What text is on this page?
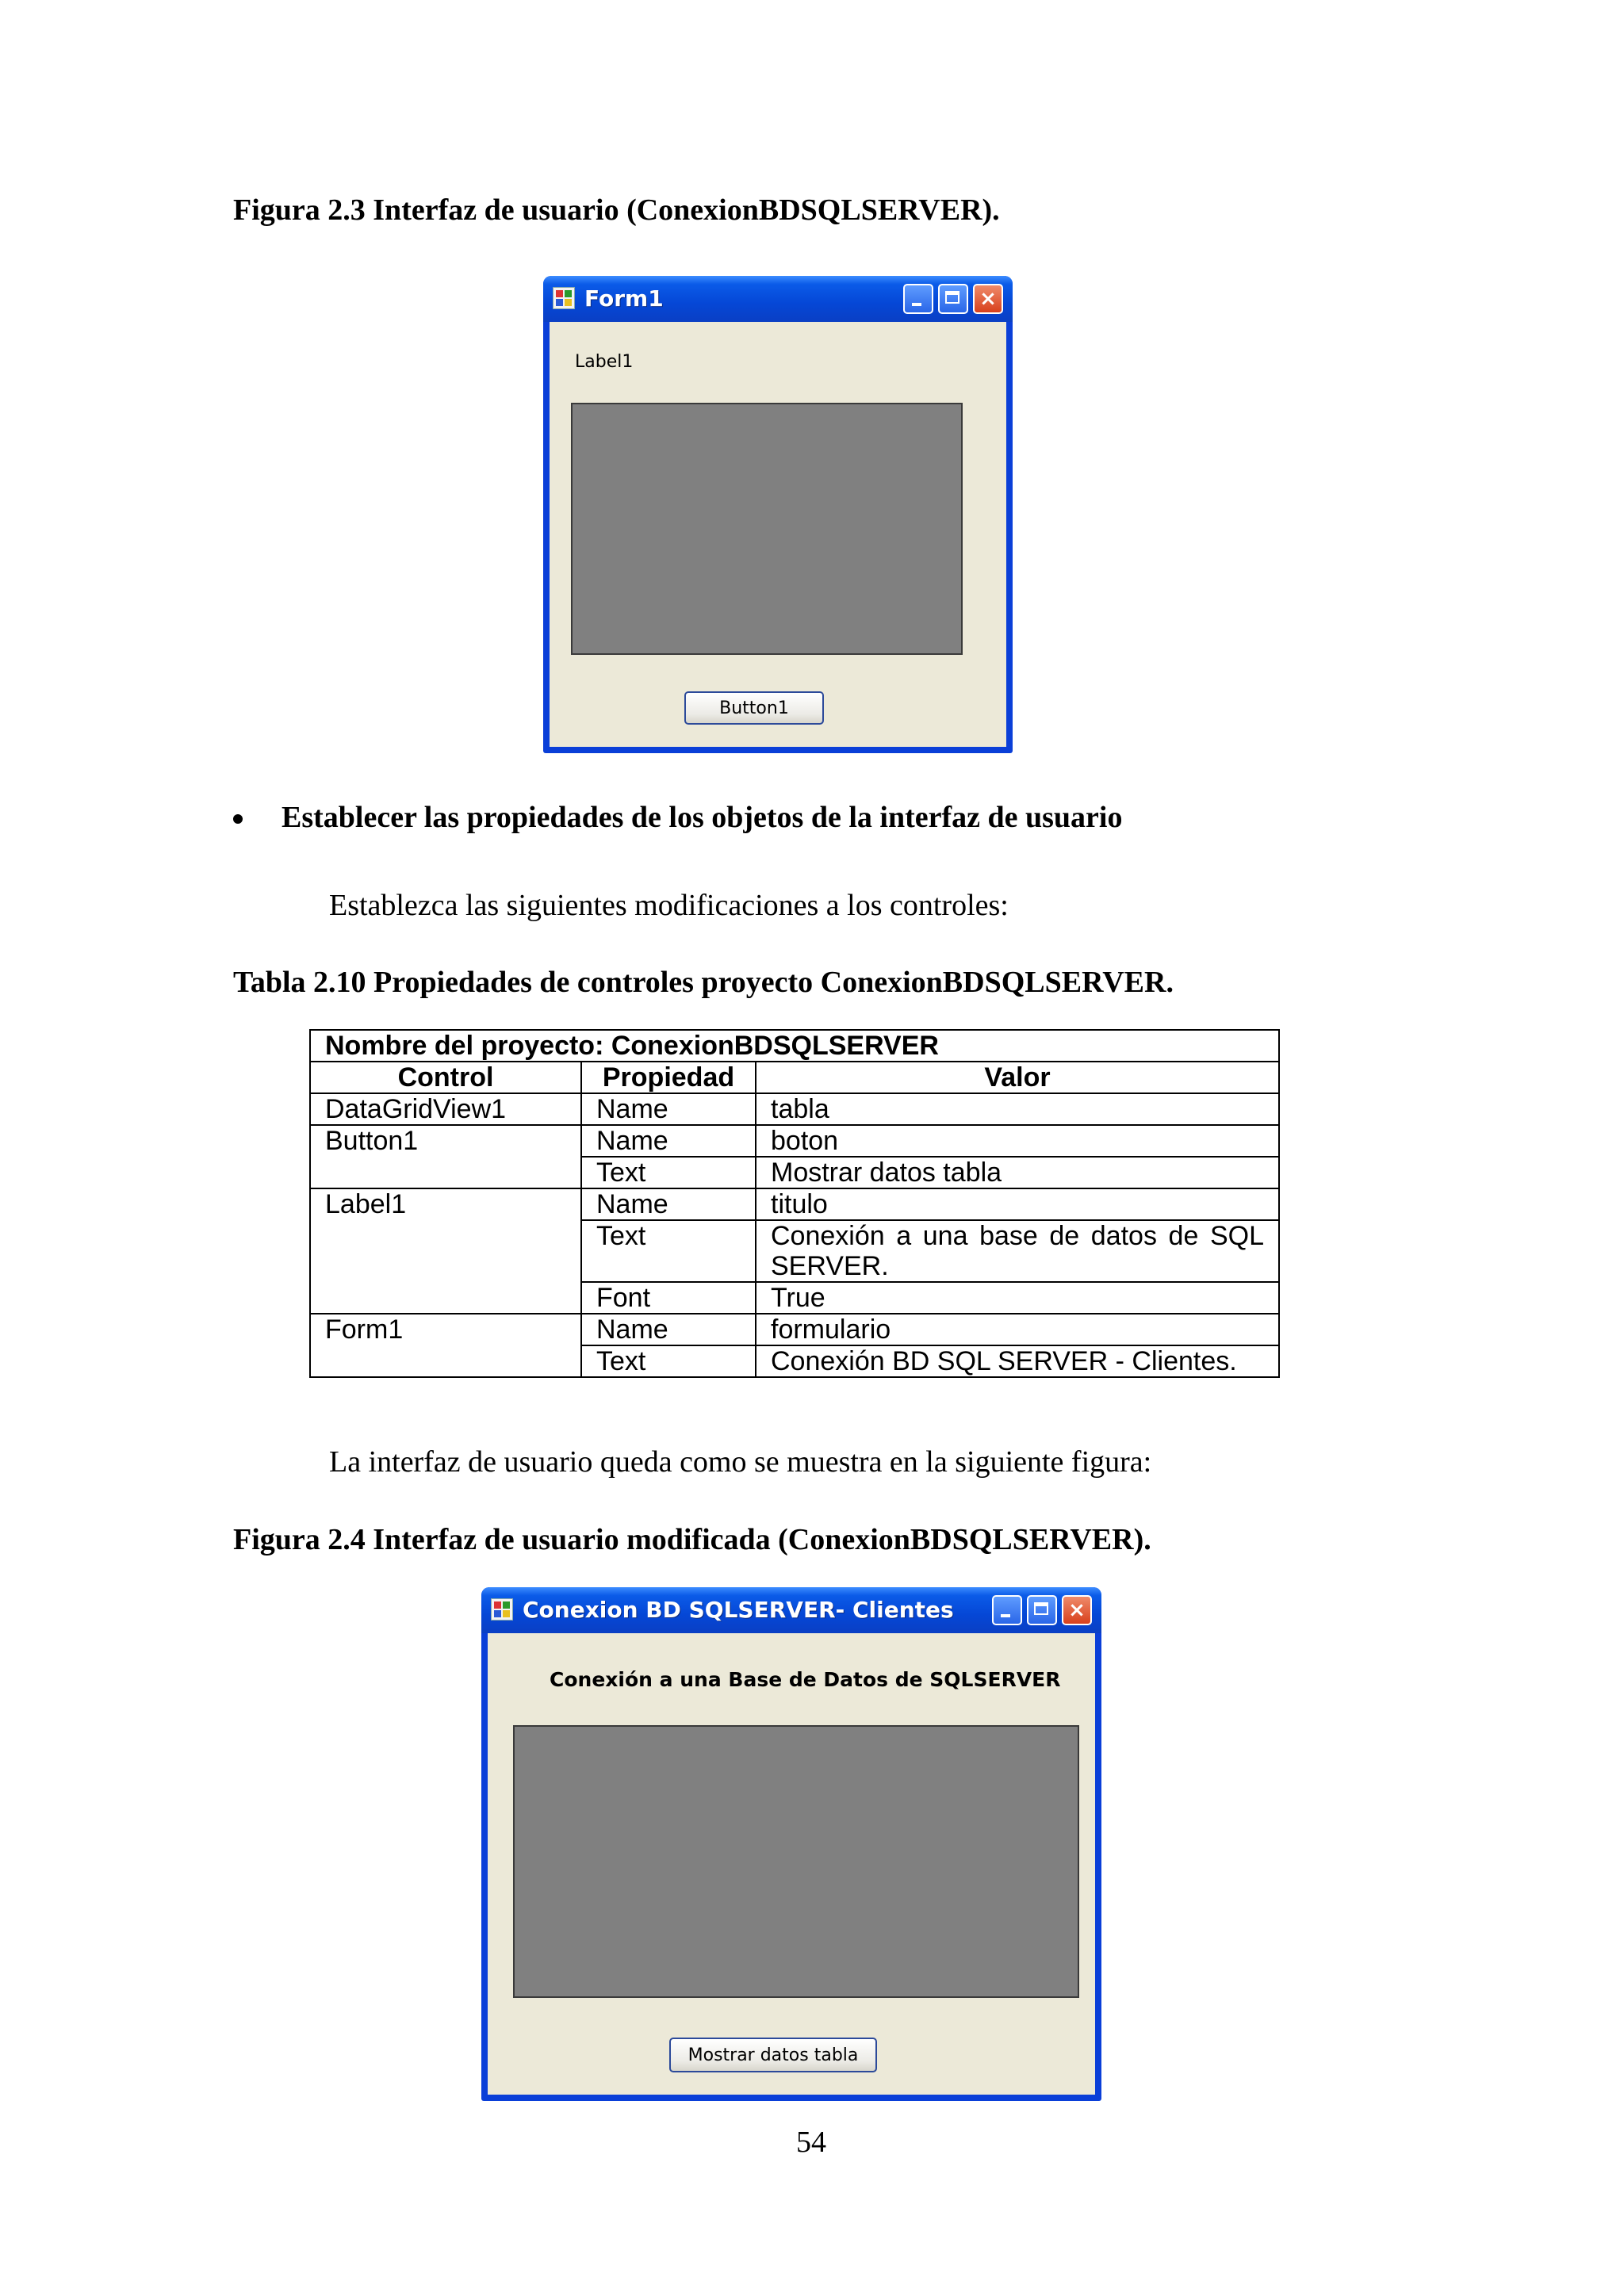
Figura 2.3 Interfaz de usuario (ConexionBDSQLSERVER).
Form1	×
Label1
Button1
Establecer las propiedades de los objetos de la interfaz de usuario
Establezca las siguientes modificaciones a los controles:
Tabla 2.10 Propiedades de controles proyecto ConexionBDSQLSERVER.
Nombre del proyecto: ConexionBDSQLSERVER		
Control	Propiedad	Valor
DataGridView1	Name	tabla
Button1	Name	boton
	Text	Mostrar datos tabla
Label1	Name	titulo
	Text	Conexión a una base de datos de SQL SERVER.
	Font	True
Form1	Name	formulario
	Text	Conexión BD SQL SERVER - Clientes.
La interfaz de usuario queda como se muestra en la siguiente figura:
Figura 2.4 Interfaz de usuario modificada (ConexionBDSQLSERVER).
Conexion BD SQLSERVER- Clientes	×
Conexión a una Base de Datos de SQLSERVER
Mostrar datos tabla
54
